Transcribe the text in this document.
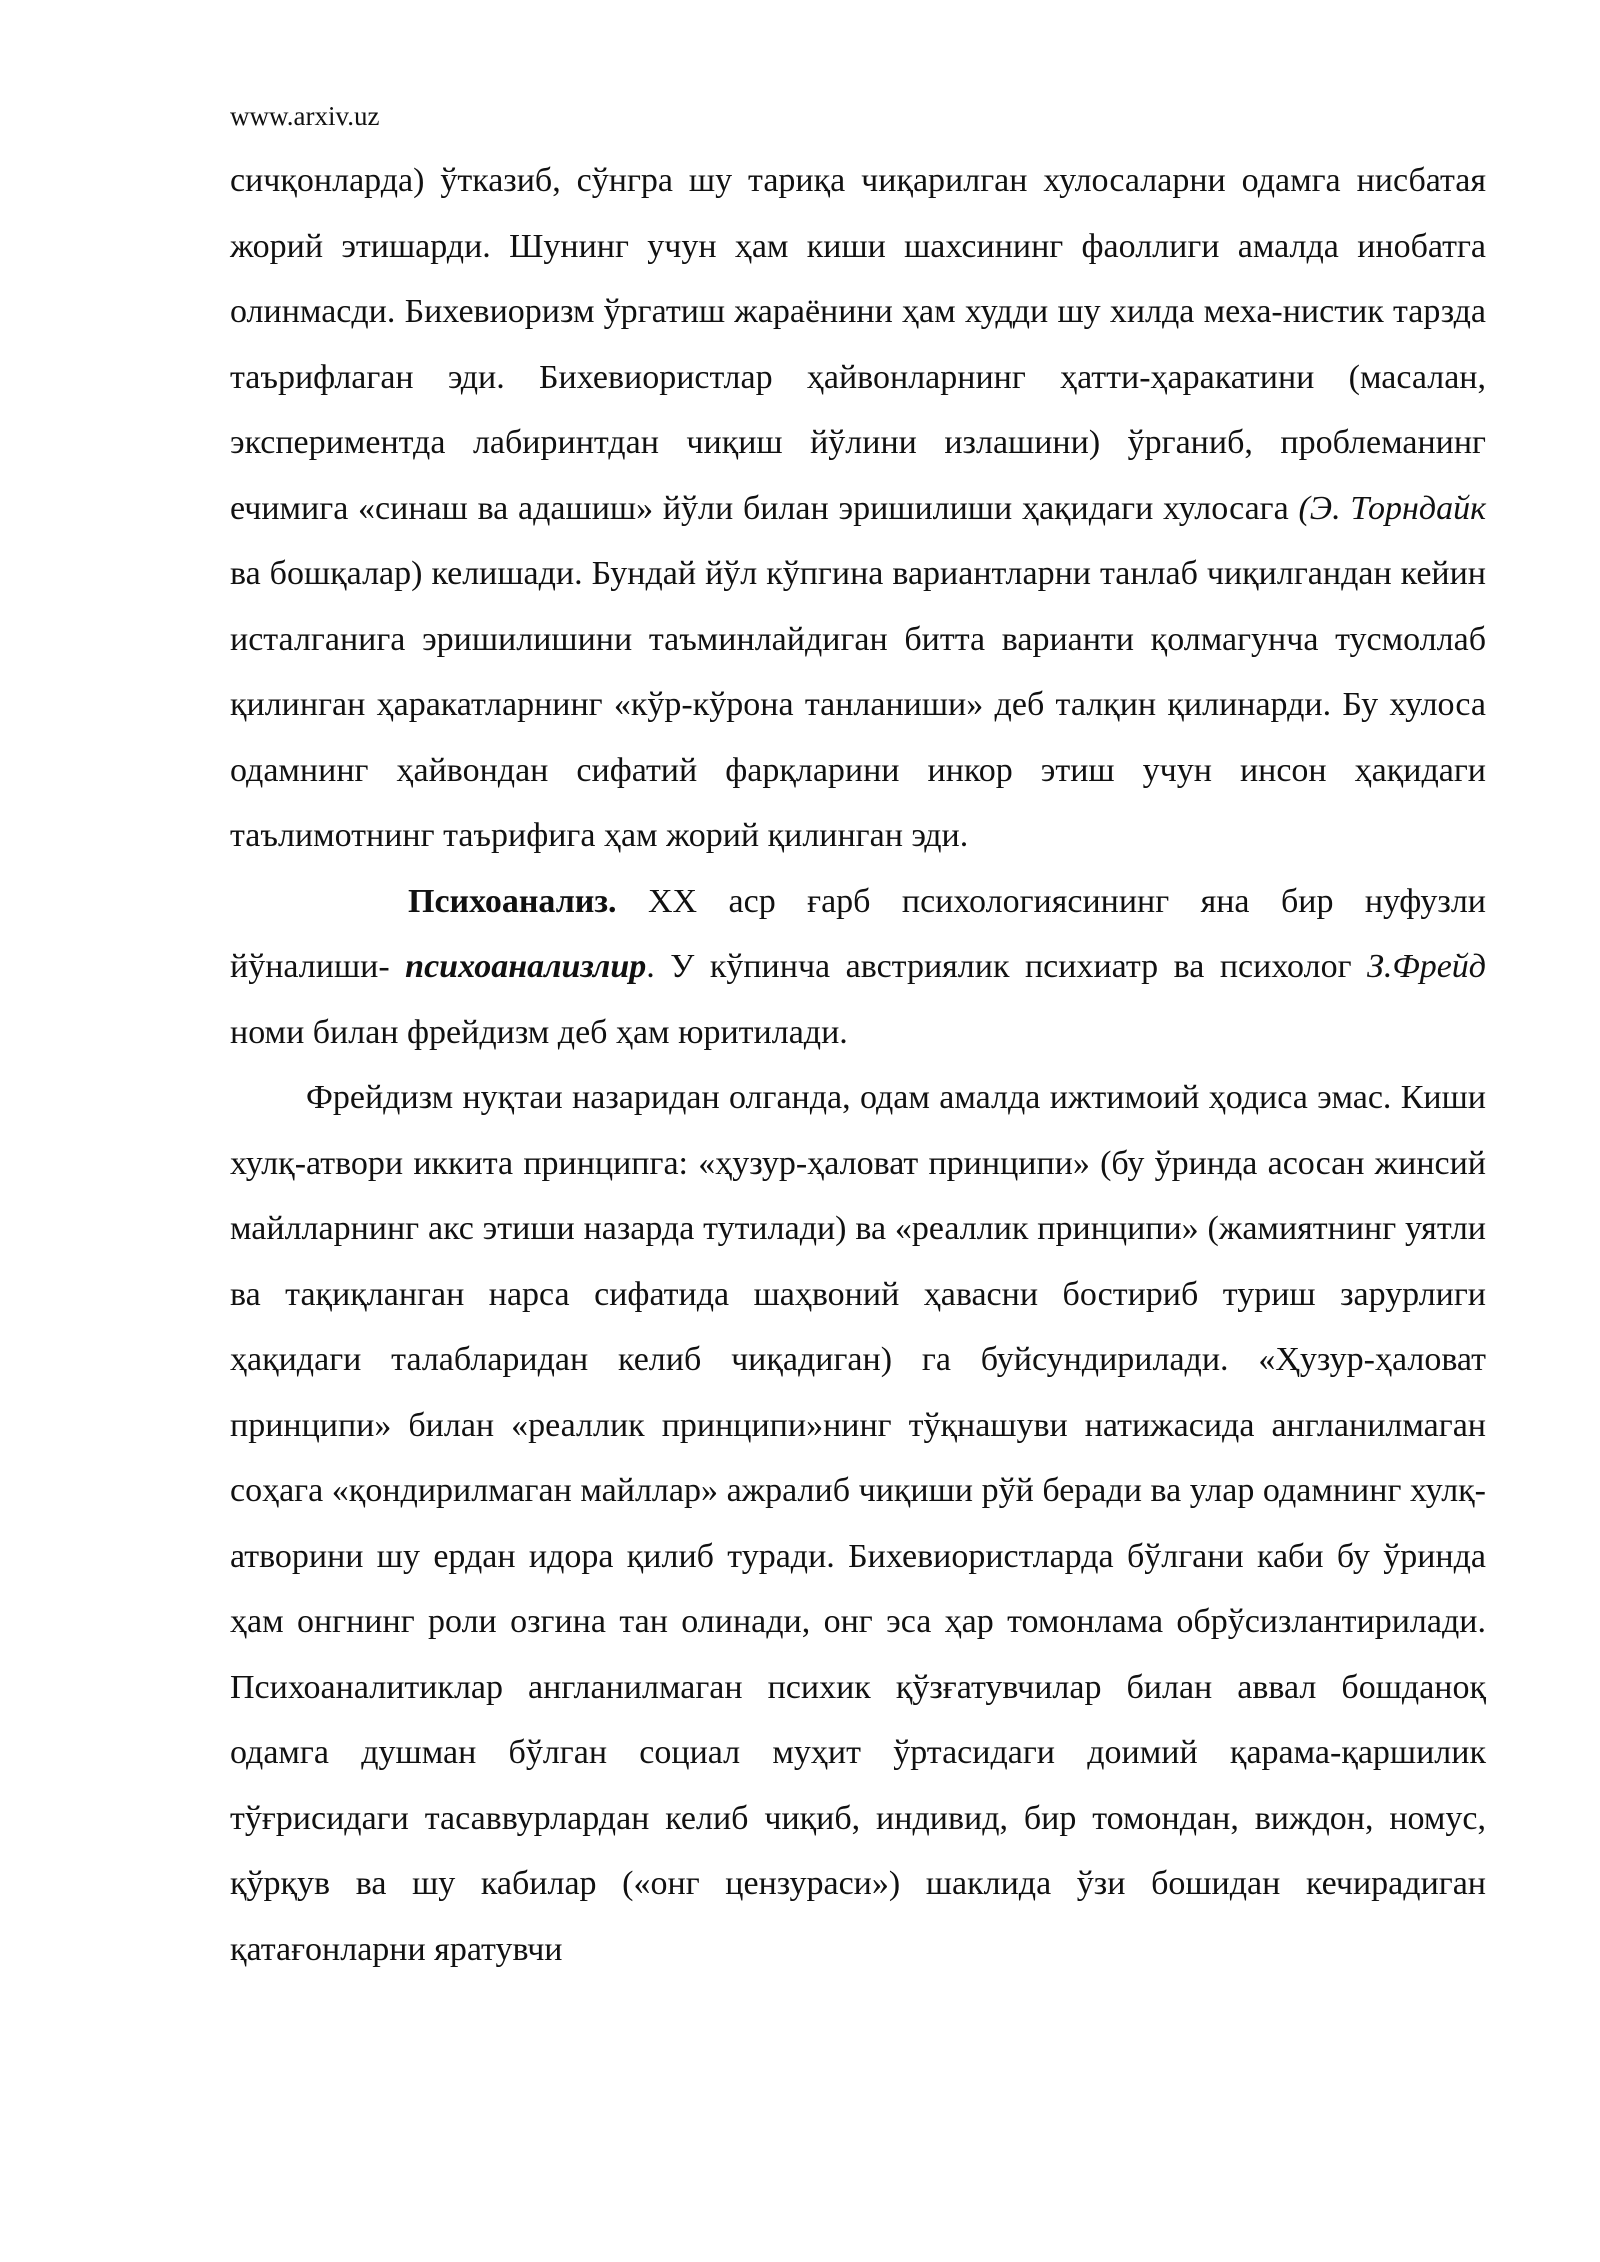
www.arxiv.uz

сичқонларда) ўтказиб, сўнгра шу тариқа чиқарилган хулосаларни одамга нисбатая жорий этишарди. Шунинг учун ҳам киши шахсининг фаоллиги амалда инобатга олинмасди. Бихевиоризм ўргатиш жараёнини ҳам худди шу хилда меха-нистик тарзда таърифлаган эди. Бихевиористлар ҳайвонларнинг ҳатти-ҳаракатини (масалан, экспериментда лабиринтдан чиқиш йўлини излашини) ўрганиб, проблеманинг ечимига «синаш ва адашиш» йўли билан эришилиши ҳақидаги хулосага (Э. Торндайк ва бошқалар) келишади. Бундай йўл кўпгина вариантларни танлаб чиқилгандан кейин исталганига эришилишини таъминлайдиган битта варианти қолмагунча тусмоллаб қилинган ҳаракатларнинг «кўр-кўрона танланиши» деб талқин қилинарди. Бу хулоса одамнинг ҳайвондан сифатий фарқларини инкор этиш учун инсон ҳақидаги таълимотнинг таърифига ҳам жорий қилинган эди.

Психоанализ. XX аср ғарб психологиясининг яна бир нуфузли йўналиши- психоанализлир. У кўпинча австриялик психиатр ва психолог З.Фрейд номи билан фрейдизм деб ҳам юритилади.

Фрейдизм нуқтаи назаридан олганда, одам амалда ижтимоий ҳодиса эмас. Киши хулқ-атвори иккита принципга: «ҳузур-ҳаловат принципи» (бу ўринда асосан жинсий майлларнинг акс этиши назарда тутилади) ва «реаллик принципи» (жамиятнинг уятли ва тақиқланган нарса сифатида шаҳвоний ҳавасни бостириб туриш зарурлиги ҳақидаги талабларидан келиб чиқадиган) га буйсундирилади. «Ҳузур-ҳаловат принципи» билан «реаллик принципи»нинг тўқнашуви натижасида англанилмаган соҳага «қондирилмаган майллар» ажралиб чиқиши рўй беради ва улар одамнинг хулқ-атворини шу ердан идора қилиб туради. Бихевиористларда бўлгани каби бу ўринда ҳам онгнинг роли озгина тан олинади, онг эса ҳар томонлама обрўсизлантирилади. Психоаналитиклар англанилмаган психик қўзғатувчилар билан аввал бошданоқ одамга душман бўлган социал муҳит ўртасидаги доимий қарама-қаршилик тўғрисидаги тасаввурлардан келиб чиқиб, индивид, бир томондан, виждон, номус, қўрқув ва шу кабилар («онг цензураси») шаклида ўзи бошидан кечирадиган қатағонларни яратувчи
